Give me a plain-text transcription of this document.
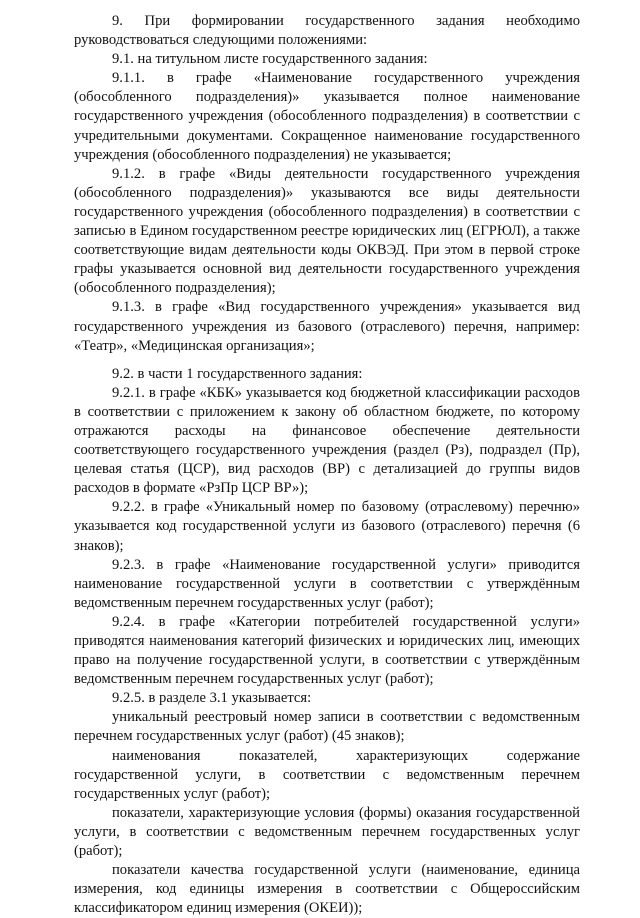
9. При формировании государственного задания необходимо руководствоваться следующими положениями:

9.1. на титульном листе государственного задания:

9.1.1. в графе «Наименование государственного учреждения (обособленного подразделения)» указывается полное наименование государственного учреждения (обособленного подразделения) в соответствии с учредительными документами. Сокращенное наименование государственного учреждения (обособленного подразделения) не указывается;

9.1.2. в графе «Виды деятельности государственного учреждения (обособленного подразделения)» указываются все виды деятельности государственного учреждения (обособленного подразделения) в соответствии с записью в Едином государственном реестре юридических лиц (ЕГРЮЛ), а также соответствующие видам деятельности коды ОКВЭД. При этом в первой строке графы указывается основной вид деятельности государственного учреждения (обособленного подразделения);

9.1.3. в графе «Вид государственного учреждения» указывается вид государственного учреждения из базового (отраслевого) перечня, например: «Театр», «Медицинская организация»;

9.2. в части 1 государственного задания:

9.2.1. в графе «КБК» указывается код бюджетной классификации расходов в соответствии с приложением к закону об областном бюджете, по которому отражаются расходы на финансовое обеспечение деятельности соответствующего государственного учреждения (раздел (Рз), подраздел (Пр), целевая статья (ЦСР), вид расходов (ВР) с детализацией до группы видов расходов в формате «РзПр ЦСР ВР»);

9.2.2. в графе «Уникальный номер по базовому (отраслевому) перечню» указывается код государственной услуги из базового (отраслевого) перечня (6 знаков);

9.2.3. в графе «Наименование государственной услуги» приводится наименование государственной услуги в соответствии с утверждённым ведомственным перечнем государственных услуг (работ);

9.2.4. в графе «Категории потребителей государственной услуги» приводятся наименования категорий физических и юридических лиц, имеющих право на получение государственной услуги, в соответствии с утверждённым ведомственным перечнем государственных услуг (работ);

9.2.5. в разделе 3.1 указывается:

уникальный реестровый номер записи в соответствии с ведомственным перечнем государственных услуг (работ) (45 знаков);

наименования показателей, характеризующих содержание государственной услуги, в соответствии с ведомственным перечнем государственных услуг (работ);

показатели, характеризующие условия (формы) оказания государственной услуги, в соответствии с ведомственным перечнем государственных услуг (работ);

показатели качества государственной услуги (наименование, единица измерения, код единицы измерения в соответствии с Общероссийским классификатором единиц измерения (ОКЕИ));
